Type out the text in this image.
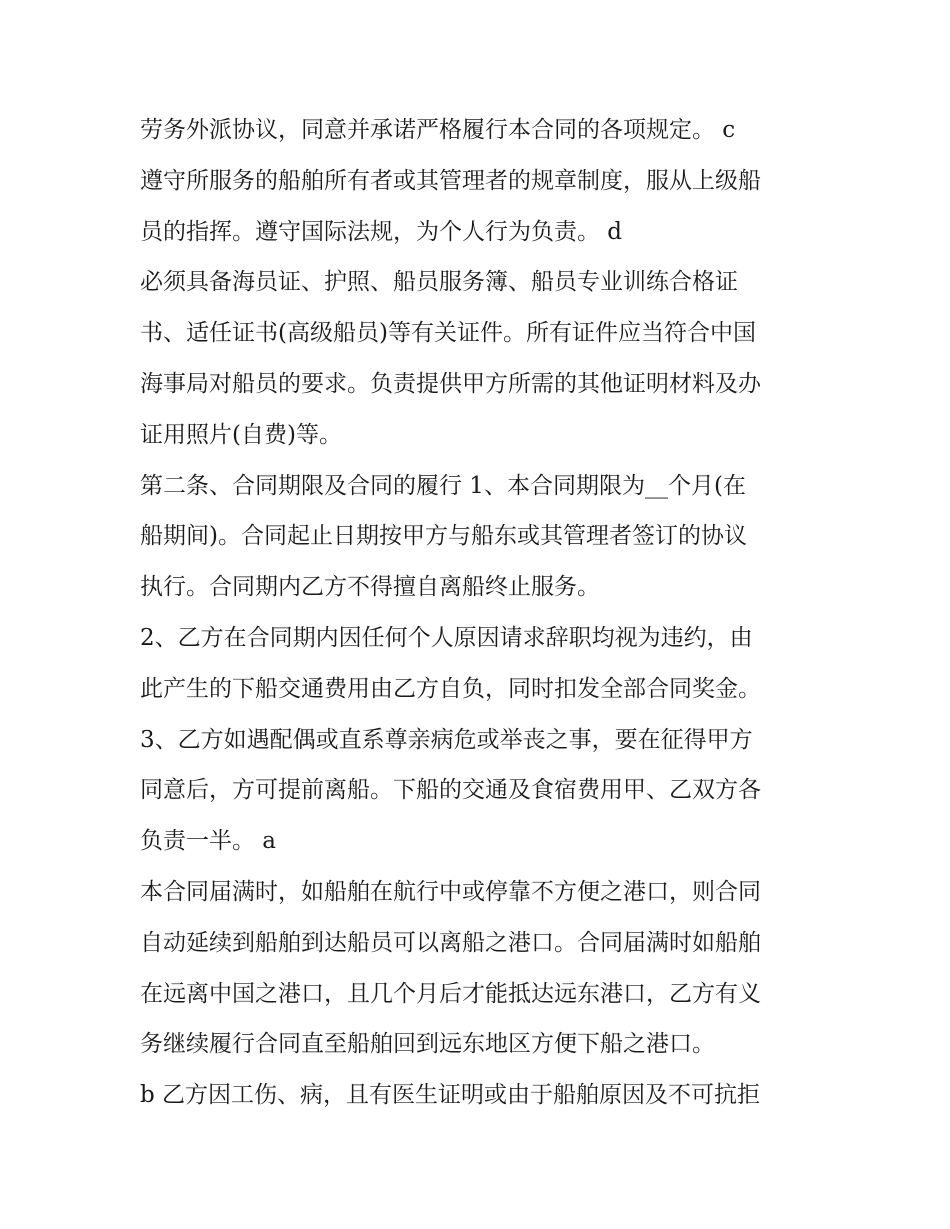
劳务外派协议，同意并承诺严格履行本合同的各项规定。 c

遵守所服务的船舶所有者或其管理者的规章制度，服从上级船

员的指挥。遵守国际法规，为个人行为负责。 d

必须具备海员证、护照、船员服务簿、船员专业训练合格证

书、适任证书(高级船员)等有关证件。所有证件应当符合中国

海事局对船员的要求。负责提供甲方所需的其他证明材料及办

证用照片(自费)等。

第二条、合同期限及合同的履行 1、本合同期限为__个月(在

船期间)。合同起止日期按甲方与船东或其管理者签订的协议

执行。合同期内乙方不得擅自离船终止服务。

2、乙方在合同期内因任何个人原因请求辞职均视为违约，由

此产生的下船交通费用由乙方自负，同时扣发全部合同奖金。

3、乙方如遇配偶或直系尊亲病危或举丧之事，要在征得甲方

同意后，方可提前离船。下船的交通及食宿费用甲、乙双方各

负责一半。 a

本合同届满时，如船舶在航行中或停靠不方便之港口，则合同

自动延续到船舶到达船员可以离船之港口。合同届满时如船舶

在远离中国之港口，且几个月后才能抵达远东港口，乙方有义

务继续履行合同直至船舶回到远东地区方便下船之港口。

b 乙方因工伤、病，且有医生证明或由于船舶原因及不可抗拒
